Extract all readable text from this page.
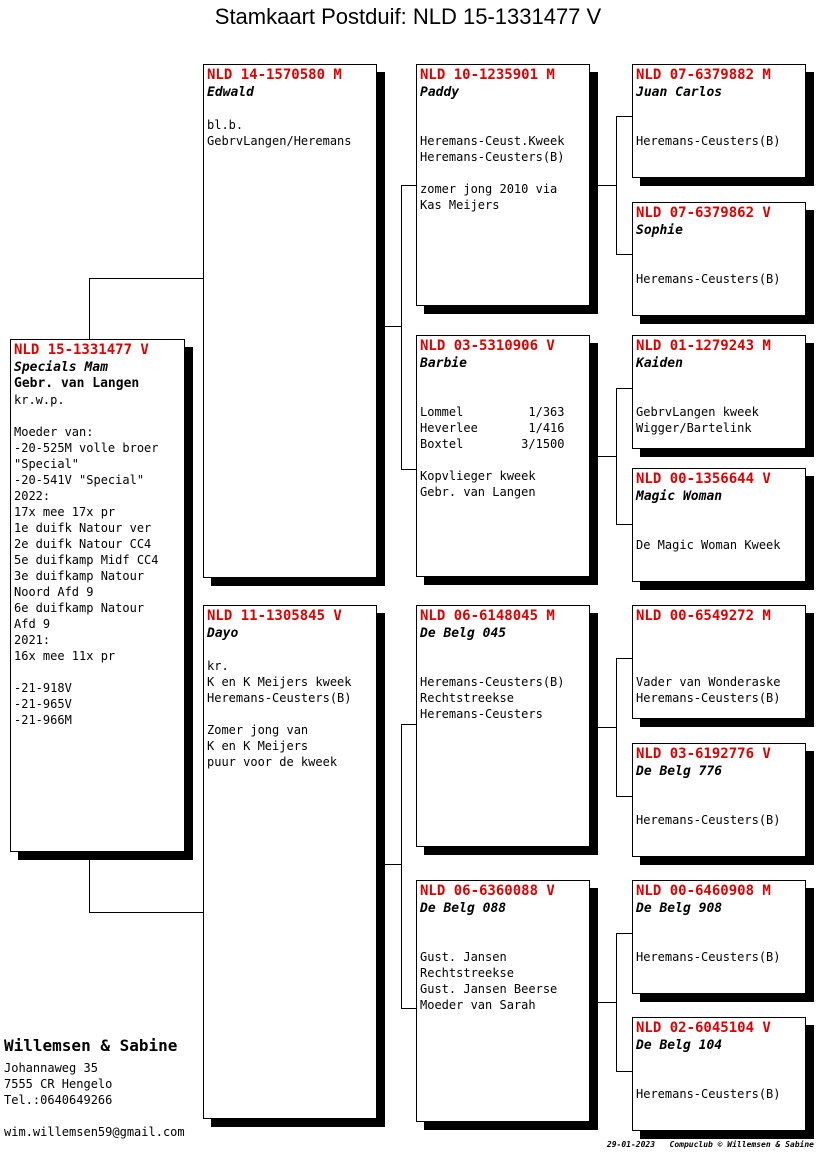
Stamkaart Postduif: NLD 15-1331477 V
NLD 15-1331477 V
Specials Mam
Gebr. van Langen
kr.w.p.

Moeder van:
-20-525M volle broer
"Special"
-20-541V "Special"
2022:
17x mee 17x pr
1e duifk Natour ver
2e duifk Natour CC4
5e duifkamp Midf CC4
3e duifkamp Natour
Noord Afd 9
6e duifkamp Natour
Afd 9
2021:
16x mee 11x pr

-21-918V
-21-965V
-21-966M
NLD 14-1570580 M
Edwald
bl.b.
GebrvLangen/Heremans
NLD 11-1305845 V
Dayo
kr.
K en K Meijers kweek
Heremans-Ceusters(B)

Zomer jong van
K en K Meijers
puur voor de kweek
NLD 10-1235901 M
Paddy
Heremans-Ceust.Kweek
Heremans-Ceusters(B)

zomer jong 2010 via
Kas Meijers
NLD 03-5310906 V
Barbie
Lommel         1/363
Heverlee       1/416
Boxtel        3/1500

Kopvlieger kweek
Gebr. van Langen
NLD 06-6148045 M
De Belg 045
Heremans-Ceusters(B)
Rechtstreekse
Heremans-Ceusters
NLD 06-6360088 V
De Belg 088
Gust. Jansen
Rechtstreekse
Gust. Jansen Beerse
Moeder van Sarah
NLD 07-6379882 M
Juan Carlos
Heremans-Ceusters(B)
NLD 07-6379862 V
Sophie
Heremans-Ceusters(B)
NLD 01-1279243 M
Kaiden
GebrvLangen kweek
Wigger/Bartelink
NLD 00-1356644 V
Magic Woman
De Magic Woman Kweek
NLD 00-6549272 M
Vader van Wonderaske
Heremans-Ceusters(B)
NLD 03-6192776 V
De Belg 776
Heremans-Ceusters(B)
NLD 00-6460908 M
De Belg 908
Heremans-Ceusters(B)
NLD 02-6045104 V
De Belg 104
Heremans-Ceusters(B)
Willemsen & Sabine
Johannaweg 35
7555 CR Hengelo
Tel.:0640649266
wim.willemsen59@gmail.com
29-01-2023   Compuclub © Willemsen & Sabine
